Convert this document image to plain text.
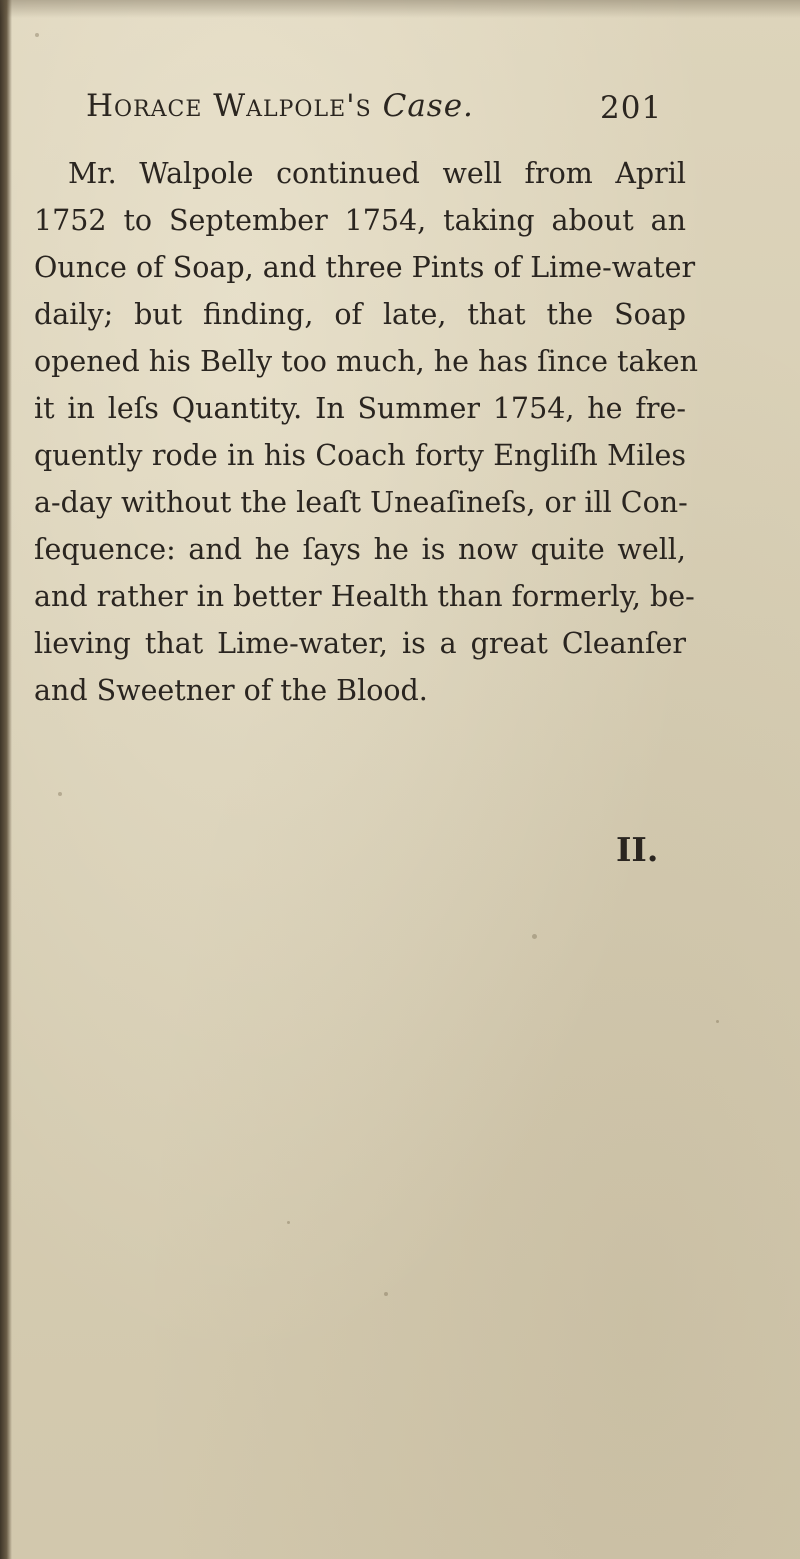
Horace Walpole's Case.	201
Mr. Walpole continued well from April
1752 to September 1754, taking about an
Ounce of Soap, and three Pints of Lime-water
daily; but finding, of late, that the Soap
opened his Belly too much, he has ſince taken
it in leſs Quantity. In Summer 1754, he fre-
quently rode in his Coach forty Engliſh Miles
a-day without the leaſt Uneaſineſs, or ill Con-
ſequence: and he ſays he is now quite well,
and rather in better Health than formerly, be-
lieving that Lime-water, is a great Cleanſer
and Sweetner of the Blood.
II.
